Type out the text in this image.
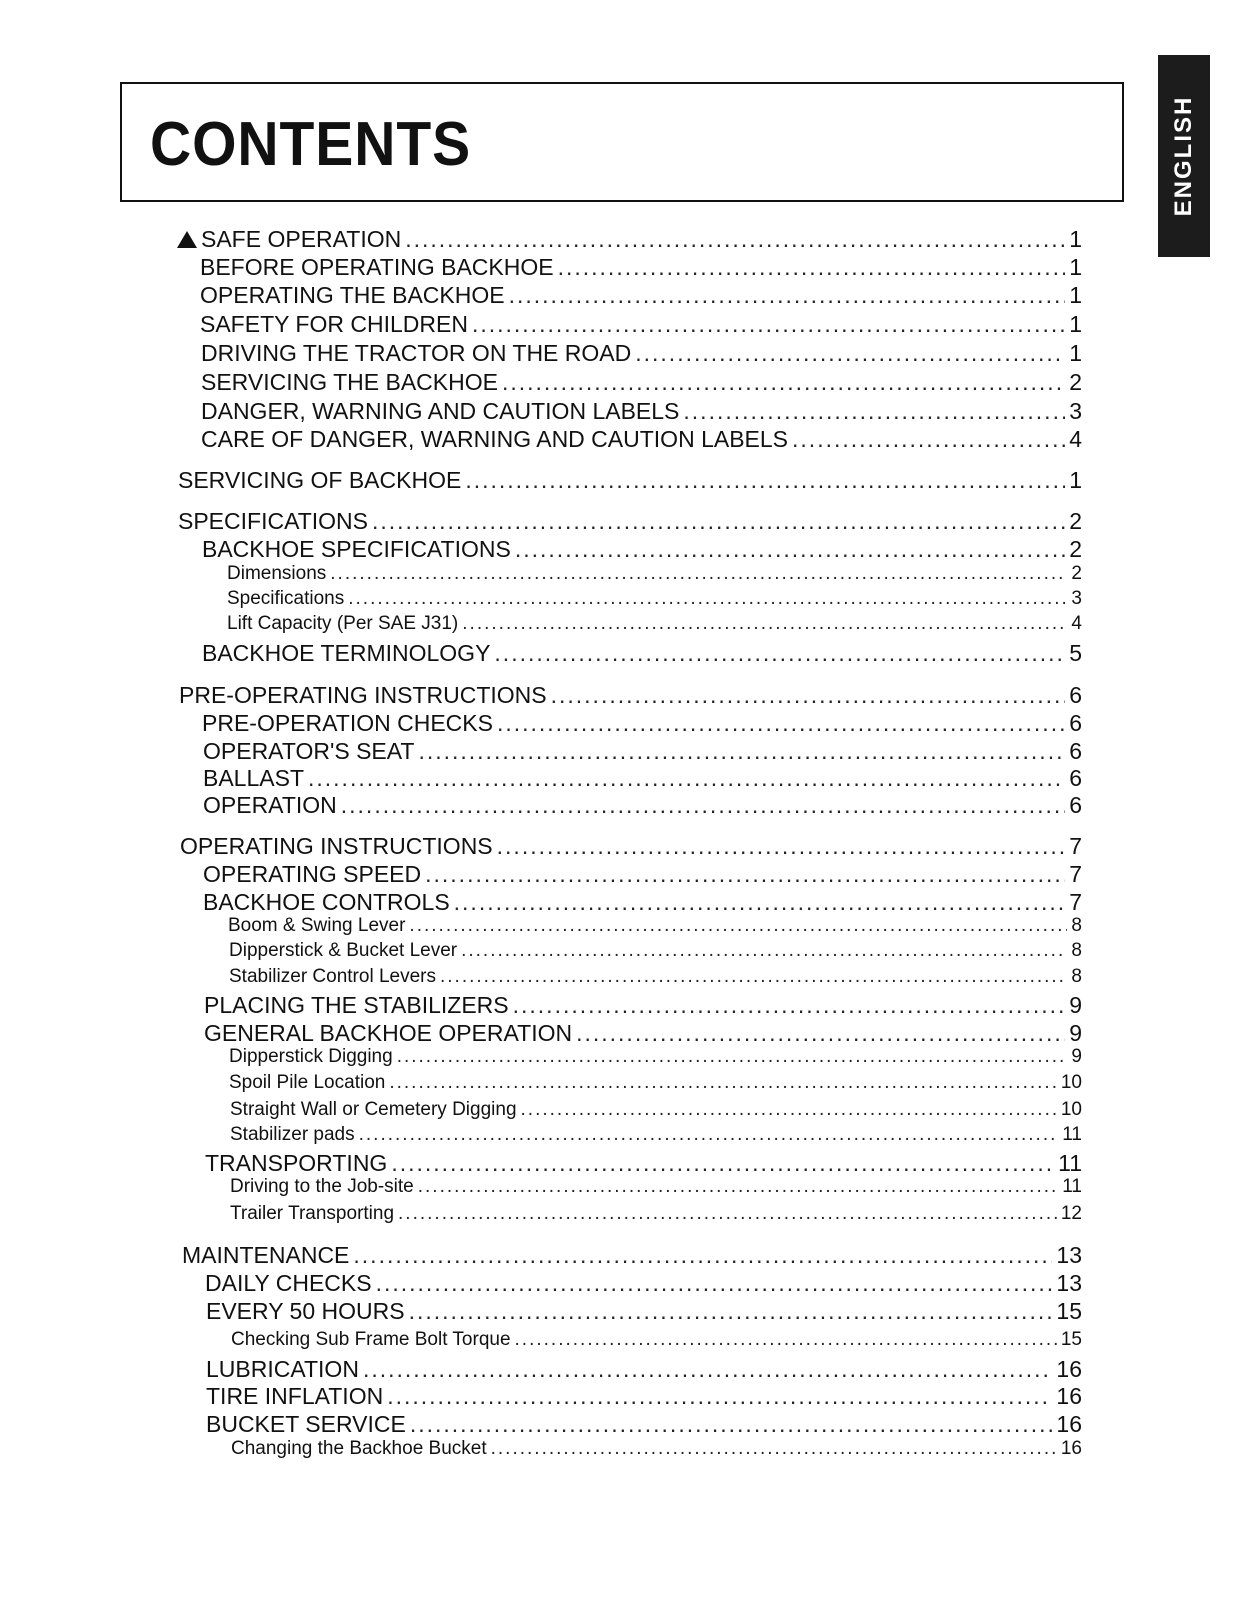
CONTENTS	ENGLISH
SAFE OPERATION .....	1
BEFORE OPERATING BACKHOE .....	1
OPERATING THE BACKHOE .....	1
SAFETY FOR CHILDREN .....	1
DRIVING THE TRACTOR ON THE ROAD .....	1
SERVICING THE BACKHOE .....	2
DANGER, WARNING AND CAUTION LABELS .....	3
CARE OF DANGER, WARNING AND CAUTION LABELS .....	4
SERVICING OF BACKHOE .....	1
SPECIFICATIONS .....	2
BACKHOE SPECIFICATIONS .....	2
Dimensions .....	2
Specifications .....	3
Lift Capacity (Per SAE J31) .....	4
BACKHOE TERMINOLOGY .....	5
PRE-OPERATING INSTRUCTIONS .....	6
PRE-OPERATION CHECKS .....	6
OPERATOR'S SEAT .....	6
BALLAST .....	6
OPERATION .....	6
OPERATING INSTRUCTIONS .....	7
OPERATING SPEED .....	7
BACKHOE CONTROLS .....	7
Boom & Swing Lever .....	8
Dipperstick & Bucket Lever .....	8
Stabilizer Control Levers .....	8
PLACING THE STABILIZERS .....	9
GENERAL BACKHOE OPERATION .....	9
Dipperstick Digging .....	9
Spoil Pile Location .....	10
Straight Wall or Cemetery Digging .....	10
Stabilizer pads .....	11
TRANSPORTING .....	11
Driving to the Job-site .....	11
Trailer Transporting .....	12
MAINTENANCE .....	13
DAILY CHECKS .....	13
EVERY 50 HOURS .....	15
Checking Sub Frame Bolt Torque .....	15
LUBRICATION .....	16
TIRE INFLATION .....	16
BUCKET SERVICE .....	16
Changing the Backhoe Bucket .....	16
